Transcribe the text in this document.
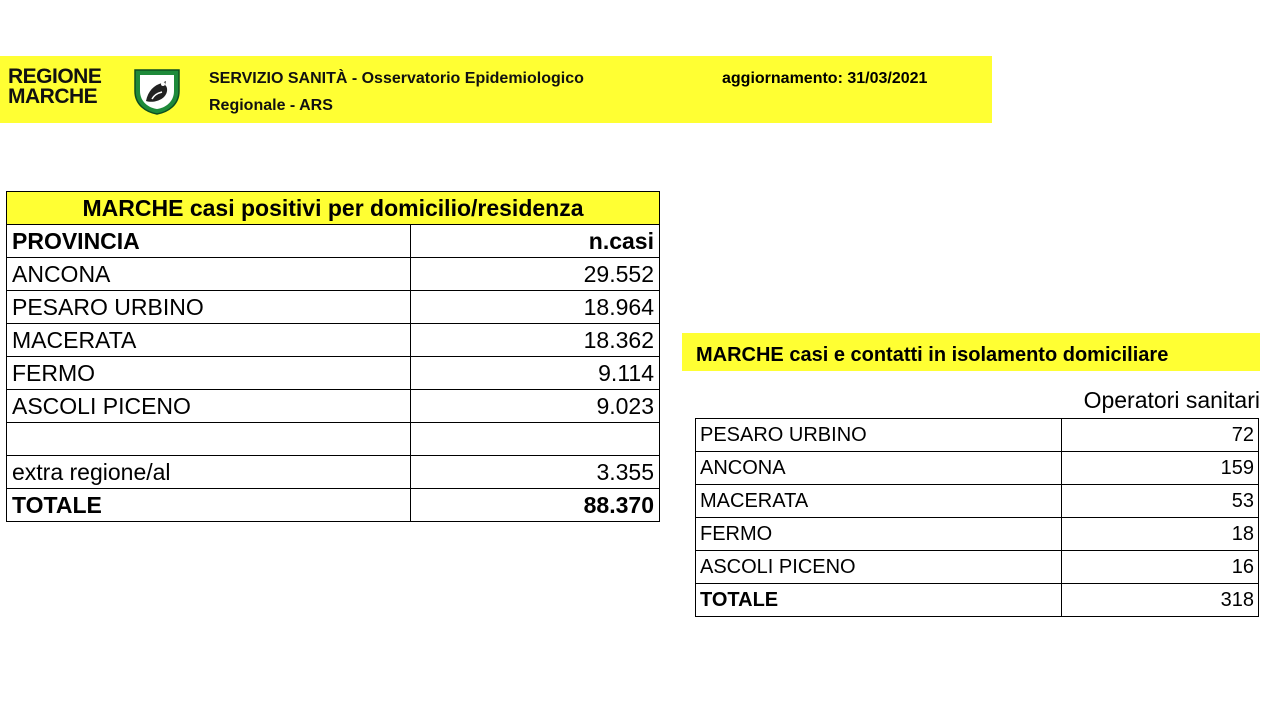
REGIONE
MARCHE
SERVIZIO SANITÀ - Osservatorio Epidemiologico
Regionale - ARS
aggiornamento: 31/03/2021
MARCHE casi positivi per domicilio/residenza	
PROVINCIA	n.casi
ANCONA	29.552
PESARO URBINO	18.964
MACERATA	18.362
FERMO	9.114
ASCOLI PICENO	9.023

extra regione/al	3.355
TOTALE	88.370
MARCHE casi e contatti in isolamento domiciliare
Operatori sanitari
PESARO URBINO	72
ANCONA	159
MACERATA	53
FERMO	18
ASCOLI PICENO	16
TOTALE	318
